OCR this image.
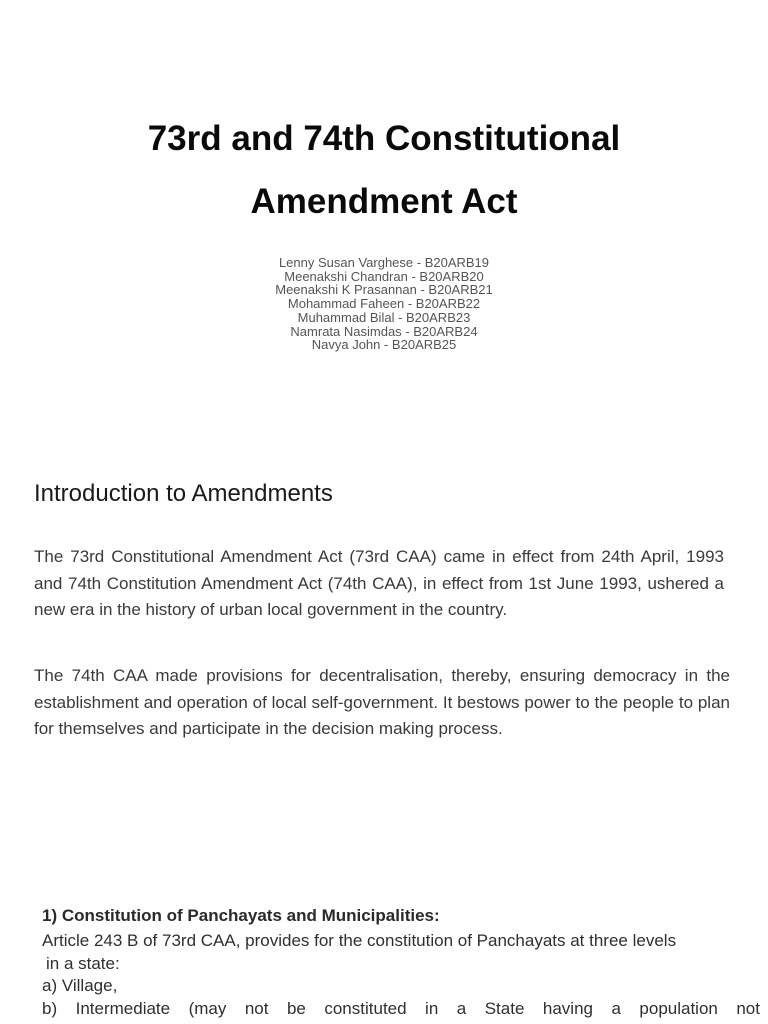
73rd and 74th Constitutional
Amendment Act
Lenny Susan Varghese - B20ARB19
Meenakshi Chandran - B20ARB20
Meenakshi K Prasannan - B20ARB21
Mohammad Faheen - B20ARB22
Muhammad Bilal - B20ARB23
Namrata Nasimdas - B20ARB24
Navya John - B20ARB25
Introduction to Amendments

The 73rd Constitutional Amendment Act (73rd CAA) came in effect from 24th April, 1993 and 74th Constitution Amendment Act (74th CAA), in effect from 1st June 1993, ushered a new era in the history of urban local government in the country.

The 74th CAA made provisions for decentralisation, thereby, ensuring democracy in the establishment and operation of local self-government. It bestows power to the people to plan for themselves and participate in the decision making process.

1) Constitution of Panchayats and Municipalities:

Article 243 B of 73rd CAA, provides for the constitution of Panchayats at three levels

in a state:

a) Village,

b) Intermediate (may not be constituted in a State having a population not
